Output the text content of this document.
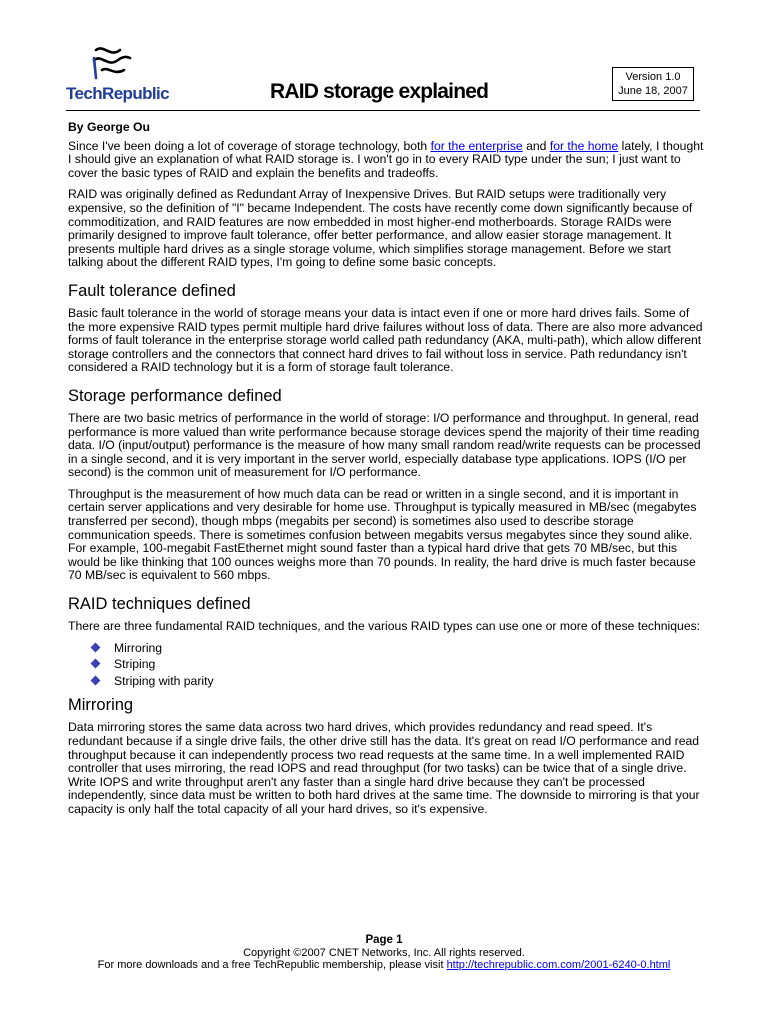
TechRepublic	RAID storage explained
Version 1.0
June 18, 2007
By George Ou

Since I've been doing a lot of coverage of storage technology, both for the enterprise and for the home lately, I thought I should give an explanation of what RAID storage is. I won't go in to every RAID type under the sun; I just want to cover the basic types of RAID and explain the benefits and tradeoffs.

RAID was originally defined as Redundant Array of Inexpensive Drives. But RAID setups were traditionally very expensive, so the definition of "I" became Independent. The costs have recently come down significantly because of commoditization, and RAID features are now embedded in most higher-end motherboards. Storage RAIDs were primarily designed to improve fault tolerance, offer better performance, and allow easier storage management. It presents multiple hard drives as a single storage volume, which simplifies storage management. Before we start talking about the different RAID types, I'm going to define some basic concepts.

Fault tolerance defined

Basic fault tolerance in the world of storage means your data is intact even if one or more hard drives fails. Some of the more expensive RAID types permit multiple hard drive failures without loss of data. There are also more advanced forms of fault tolerance in the enterprise storage world called path redundancy (AKA, multi-path), which allow different storage controllers and the connectors that connect hard drives to fail without loss in service. Path redundancy isn't considered a RAID technology but it is a form of storage fault tolerance.

Storage performance defined

There are two basic metrics of performance in the world of storage: I/O performance and throughput. In general, read performance is more valued than write performance because storage devices spend the majority of their time reading data. I/O (input/output) performance is the measure of how many small random read/write requests can be processed in a single second, and it is very important in the server world, especially database type applications. IOPS (I/O per second) is the common unit of measurement for I/O performance.

Throughput is the measurement of how much data can be read or written in a single second, and it is important in certain server applications and very desirable for home use. Throughput is typically measured in MB/sec (megabytes transferred per second), though mbps (megabits per second) is sometimes also used to describe storage communication speeds. There is sometimes confusion between megabits versus megabytes since they sound alike. For example, 100-megabit FastEthernet might sound faster than a typical hard drive that gets 70 MB/sec, but this would be like thinking that 100 ounces weighs more than 70 pounds. In reality, the hard drive is much faster because 70 MB/sec is equivalent to 560 mbps.

RAID techniques defined

There are three fundamental RAID techniques, and the various RAID types can use one or more of these techniques:

Mirroring
Striping
Striping with parity
Mirroring

Data mirroring stores the same data across two hard drives, which provides redundancy and read speed. It's redundant because if a single drive fails, the other drive still has the data. It's great on read I/O performance and read throughput because it can independently process two read requests at the same time. In a well implemented RAID controller that uses mirroring, the read IOPS and read throughput (for two tasks) can be twice that of a single drive. Write IOPS and write throughput aren't any faster than a single hard drive because they can't be processed independently, since data must be written to both hard drives at the same time. The downside to mirroring is that your capacity is only half the total capacity of all your hard drives, so it's expensive.

Page 1
Copyright ©2007 CNET Networks, Inc. All rights reserved.
For more downloads and a free TechRepublic membership, please visit http://techrepublic.com.com/2001-6240-0.html
